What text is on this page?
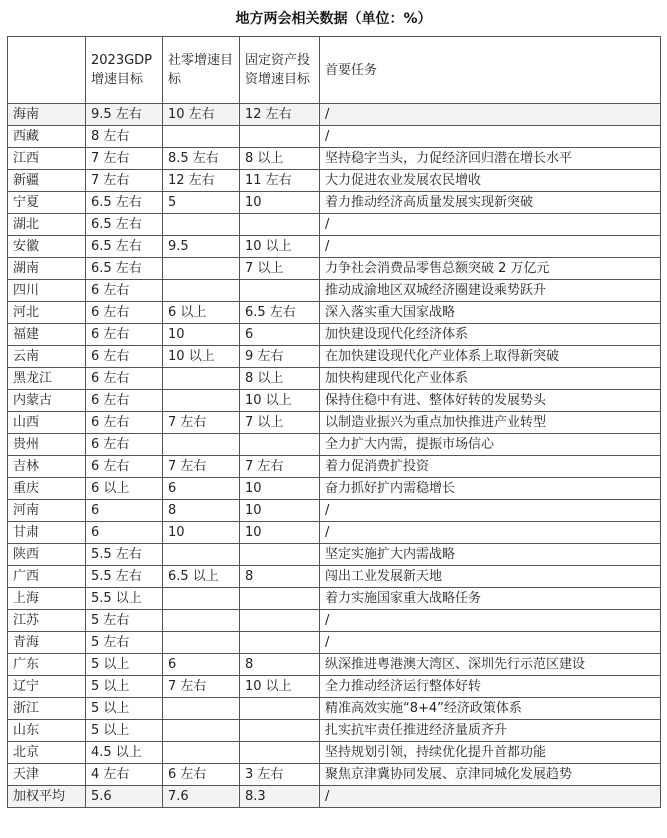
地方两会相关数据（单位：%）
	2023GDP增速目标	社零增速目标	固定资产投资增速目标	首要任务
海南	9.5 左右	10 左右	12 左右	/
西藏	8 左右			/
江西	7 左右	8.5 左右	8 以上	坚持稳字当头，力促经济回归潜在增长水平
新疆	7 左右	12 左右	11 左右	大力促进农业发展农民增收
宁夏	6.5 左右	5	10	着力推动经济高质量发展实现新突破
湖北	6.5 左右			/
安徽	6.5 左右	9.5	10 以上	/
湖南	6.5 左右		7 以上	力争社会消费品零售总额突破 2 万亿元
四川	6 左右			推动成渝地区双城经济圈建设乘势跃升
河北	6 左右	6 以上	6.5 左右	深入落实重大国家战略
福建	6 左右	10	6	加快建设现代化经济体系
云南	6 左右	10 以上	9 左右	在加快建设现代化产业体系上取得新突破
黑龙江	6 左右		8 以上	加快构建现代化产业体系
内蒙古	6 左右		10 以上	保持住稳中有进、整体好转的发展势头
山西	6 左右	7 左右	7 以上	以制造业振兴为重点加快推进产业转型
贵州	6 左右			全力扩大内需，提振市场信心
吉林	6 左右	7 左右	7 左右	着力促消费扩投资
重庆	6 以上	6	10	奋力抓好扩内需稳增长
河南	6	8	10	/
甘肃	6	10	10	/
陕西	5.5 左右			坚定实施扩大内需战略
广西	5.5 左右	6.5 以上	8	闯出工业发展新天地
上海	5.5 以上			着力实施国家重大战略任务
江苏	5 左右			/
青海	5 左右			/
广东	5 以上	6	8	纵深推进粤港澳大湾区、深圳先行示范区建设
辽宁	5 以上	7 左右	10 以上	全力推动经济运行整体好转
浙江	5 以上			精准高效实施“8+4”经济政策体系
山东	5 以上			扎实抗牢责任推进经济量质齐升
北京	4.5 以上			坚持规划引领，持续优化提升首都功能
天津	4 左右	6 左右	3 左右	聚焦京津冀协同发展、京津同城化发展趋势
加权平均	5.6	7.6	8.3	/
